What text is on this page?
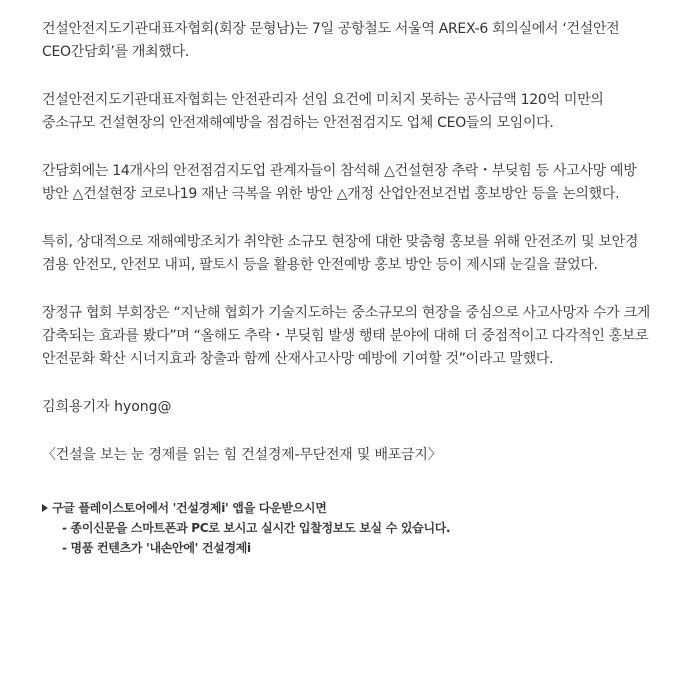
건설안전지도기관대표자협회(회장 문형남)는 7일 공항철도 서울역 AREX-6 회의실에서 ‘건설안전 CEO간담회’를 개최했다.

건설안전지도기관대표자협회는 안전관리자 선임 요건에 미치지 못하는 공사금액 120억 미만의 중소규모 건설현장의 안전재해예방을 점검하는 안전점검지도 업체 CEO들의 모임이다.

간담회에는 14개사의 안전점검지도업 관계자들이 참석해 △건설현장 추락・부딪힘 등 사고사망 예방 방안 △건설현장 코로나19 재난 극복을 위한 방안 △개정 산업안전보건법 홍보방안 등을 논의했다.

특히, 상대적으로 재해예방조치가 취약한 소규모 현장에 대한 맞춤형 홍보를 위해 안전조끼 및 보안경 겸용 안전모, 안전모 내피, 팔토시 등을 활용한 안전예방 홍보 방안 등이 제시돼 눈길을 끌었다.

장정규 협회 부회장은 “지난해 협회가 기술지도하는 중소규모의 현장을 중심으로 사고사망자 수가 크게 감축되는 효과를 봤다”며 “올해도 추락・부딪힘 발생 행태 분야에 대해 더 중점적이고 다각적인 홍보로 안전문화 확산 시너지효과 창출과 함께 산재사고사망 예방에 기여할 것”이라고 말했다.

김희용기자 hyong@

〈건설을 보는 눈 경제를 읽는 힘 건설경제-무단전재 및 배포금지〉

구글 플레이스토어에서 '건설경제i' 앱을 다운받으시면
- 종이신문을 스마트폰과 PC로 보시고 실시간 입찰정보도 보실 수 있습니다.
- 명품 컨텐츠가 '내손안에' 건설경제i
